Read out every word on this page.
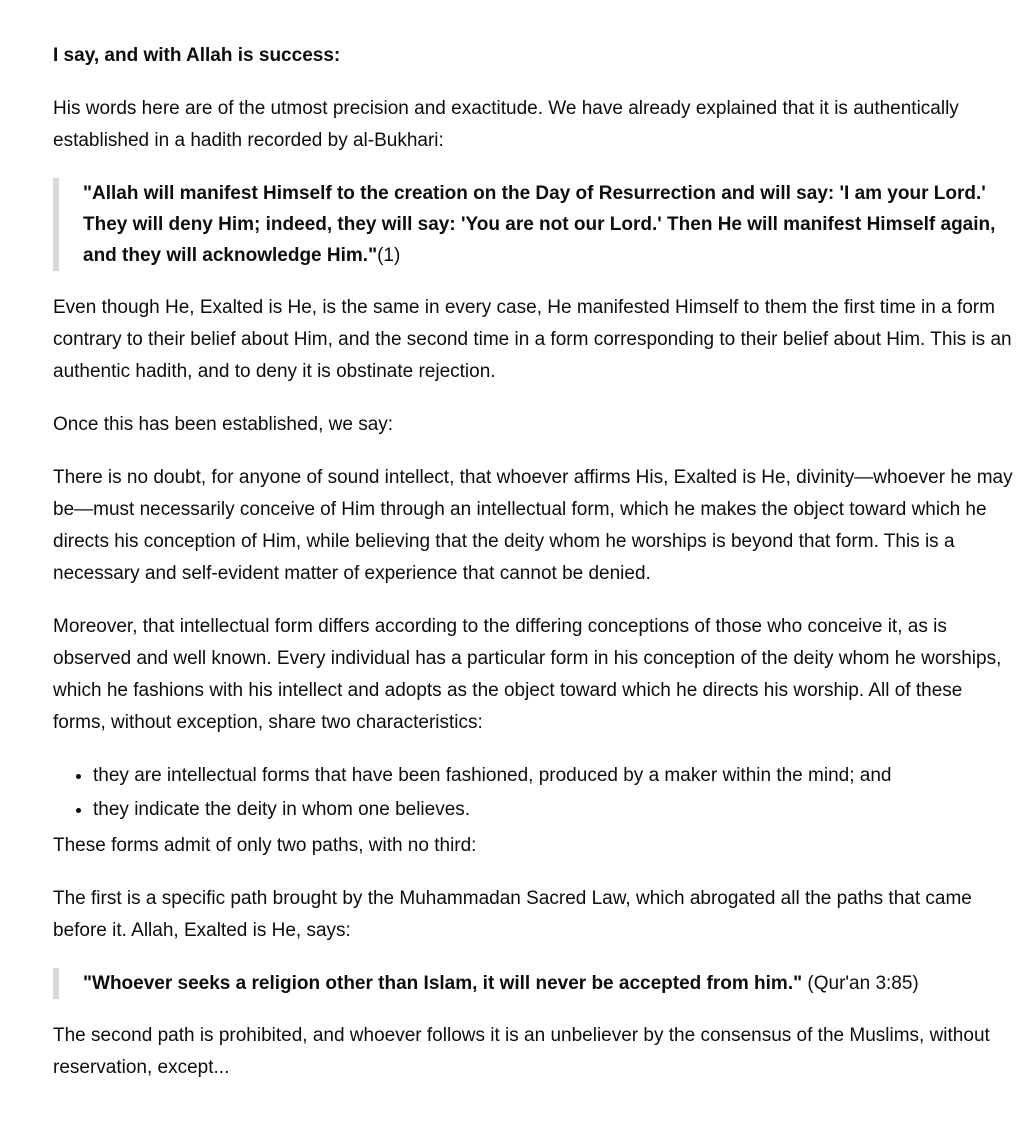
I say, and with Allah is success:

His words here are of the utmost precision and exactitude. We have already explained that it is authentically established in a hadith recorded by al-Bukhari:

"Allah will manifest Himself to the creation on the Day of Resurrection and will say: 'I am your Lord.' They will deny Him; indeed, they will say: 'You are not our Lord.' Then He will manifest Himself again, and they will acknowledge Him."(1)

Even though He, Exalted is He, is the same in every case, He manifested Himself to them the first time in a form contrary to their belief about Him, and the second time in a form corresponding to their belief about Him. This is an authentic hadith, and to deny it is obstinate rejection.

Once this has been established, we say:

There is no doubt, for anyone of sound intellect, that whoever affirms His, Exalted is He, divinity—whoever he may be—must necessarily conceive of Him through an intellectual form, which he makes the object toward which he directs his conception of Him, while believing that the deity whom he worships is beyond that form. This is a necessary and self-evident matter of experience that cannot be denied.

Moreover, that intellectual form differs according to the differing conceptions of those who conceive it, as is observed and well known. Every individual has a particular form in his conception of the deity whom he worships, which he fashions with his intellect and adopts as the object toward which he directs his worship. All of these forms, without exception, share two characteristics:

• they are intellectual forms that have been fashioned, produced by a maker within the mind; and
• they indicate the deity in whom one believes.

These forms admit of only two paths, with no third:

The first is a specific path brought by the Muhammadan Sacred Law, which abrogated all the paths that came before it. Allah, Exalted is He, says:

"Whoever seeks a religion other than Islam, it will never be accepted from him." (Qur'an 3:85)

The second path is prohibited, and whoever follows it is an unbeliever by the consensus of the Muslims, without reservation, except...
